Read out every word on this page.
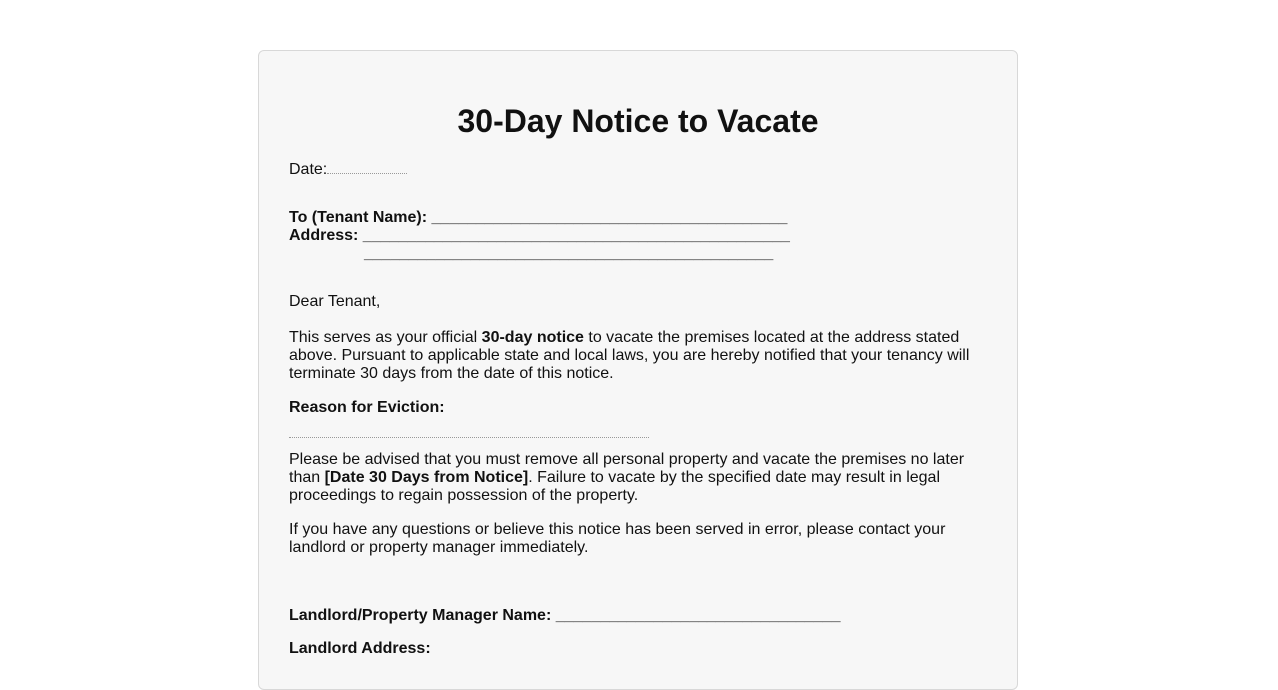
30-Day Notice to Vacate
Date:
To (Tenant Name): ________________________________________
Address: ________________________________________________
______________________________________________
Dear Tenant,
This serves as your official 30-day notice to vacate the premises located at the address stated above. Pursuant to applicable state and local laws, you are hereby notified that your tenancy will terminate 30 days from the date of this notice.
Reason for Eviction:
Please be advised that you must remove all personal property and vacate the premises no later than [Date 30 Days from Notice]. Failure to vacate by the specified date may result in legal proceedings to regain possession of the property.
If you have any questions or believe this notice has been served in error, please contact your landlord or property manager immediately.
Landlord/Property Manager Name: ________________________________
Landlord Address:
